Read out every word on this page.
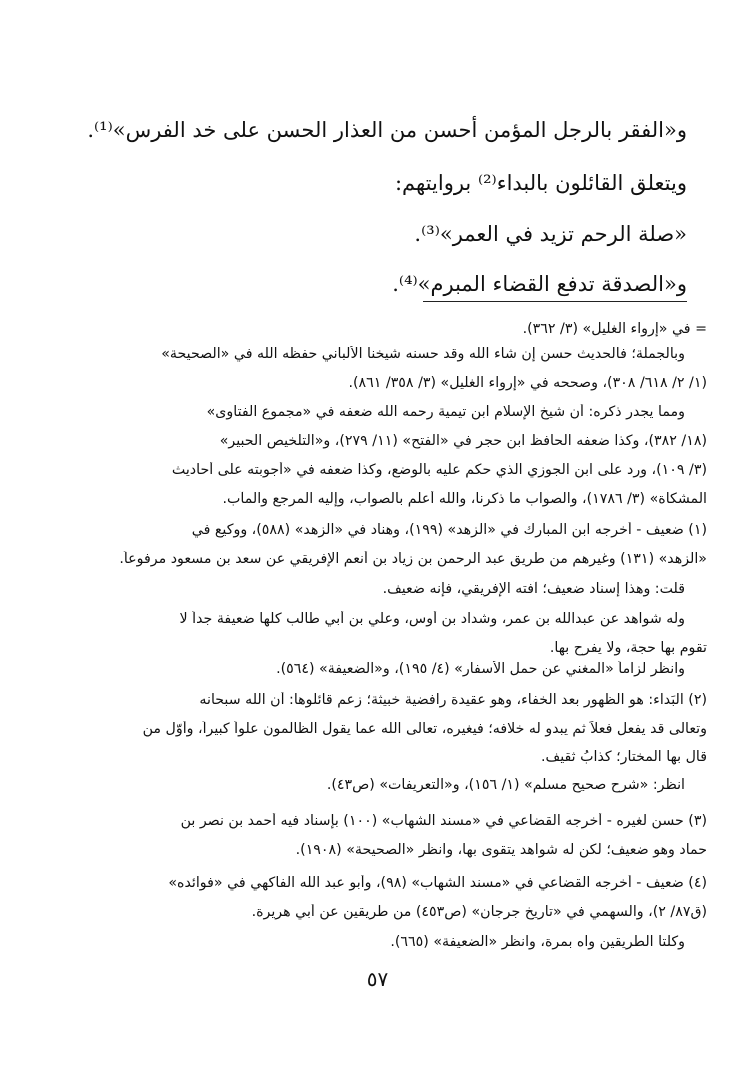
و«الفقر بالرجل المؤمن أحسن من العذار الحسن على خد الفرس»⁽¹⁾.
ويتعلق القائلون بالبداء⁽²⁾ بروايتهم:
«صلة الرحم تزيد في العمر»⁽³⁾.
و«الصدقة تدفع القضاء المبرم»⁽⁴⁾.
= في «إرواء الغليل» (٣/ ٣٦٢).
وبالجملة؛ فالحديث حسن إن شاء الله وقد حسنه شيخنا الألباني حفظه الله في «الصحيحة»
(١/ ٢/ ٦١٨/ ٣٠٨)، وصححه في «إرواء الغليل» (٣/ ٣٥٨/ ٨٦١).
ومما يجدر ذكره: أن شيخ الإسلام ابن تيمية رحمه الله ضعفه في «مجموع الفتاوى»
(١٨/ ٣٨٢)، وكذا ضعفه الحافظ ابن حجر في «الفتح» (١١/ ٢٧٩)، و«التلخيص الحبير»
(٣/ ١٠٩)، ورد على ابن الجوزي الذي حكم عليه بالوضع، وكذا ضعفه في «أجوبته على أحاديث
المشكاة» (٣/ ١٧٨٦)، والصواب ما ذكرنا، والله أعلم بالصواب، وإليه المرجع والمآب.
(١) ضعيف - أخرجه ابن المبارك في «الزهد» (١٩٩)، وهناد في «الزهد» (٥٨٨)، ووكيع في
«الزهد» (١٣١) وغيرهم من طريق عبد الرحمن بن زياد بن أنعم الإفريقي عن سعد بن مسعود مرفوعاً.
قلت: وهذا إسناد ضعيف؛ آفته الإفريقي، فإنه ضعيف.
وله شواهد عن عبدالله بن عمر، وشداد بن أوس، وعلي بن أبي طالب كلها ضعيفة جداً لا
تقوم بها حجة، ولا يفرح بها.
وانظر لزاماً «المغني عن حمل الأسفار» (٤/ ١٩٥)، و«الضعيفة» (٥٦٤).
(٢) البَداء: هو الظهور بعد الخفاء، وهو عقيدة رافضية خبيثة؛ زعم قائلوها: أن الله سبحانه
وتعالى قد يفعل فعلاً ثم يبدو له خلافه؛ فيغيره، تعالى الله عما يقول الظالمون علواً كبيراً، وأوّل من
قال بها المختار؛ كذابُ ثقيف.
انظر: «شرح صحيح مسلم» (١/ ١٥٦)، و«التعريفات» (ص٤٣).
(٣) حسن لغيره - أخرجه القضاعي في «مسند الشهاب» (١٠٠) بإسناد فيه أحمد بن نصر بن
حماد وهو ضعيف؛ لكن له شواهد يتقوى بها، وانظر «الصحيحة» (١٩٠٨).
(٤) ضعيف - أخرجه القضاعي في «مسند الشهاب» (٩٨)، وأبو عبد الله الفاكهي في «فوائده»
(ق٨٧/ ٢)، والسهمي في «تاريخ جرجان» (ص٤٥٣) من طريقين عن أبي هريرة.
وكلتا الطريقين واه بمرة، وانظر «الضعيفة» (٦٦٥).
٥٧
